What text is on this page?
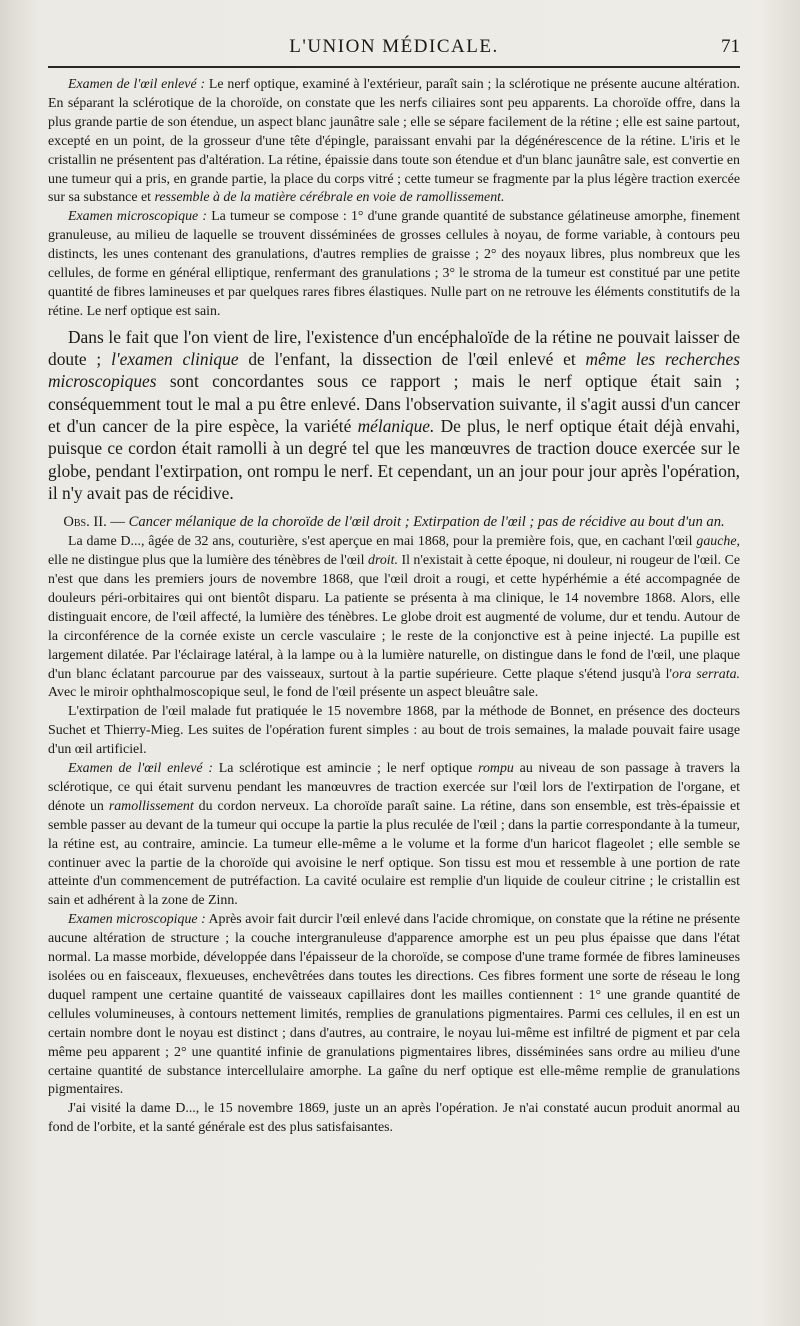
L'UNION MÉDICALE.	71

Examen de l'œil enlevé : Le nerf optique, examiné à l'extérieur, paraît sain ; la sclérotique ne présente aucune altération. En séparant la sclérotique de la choroïde, on constate que les nerfs ciliaires sont peu apparents. La choroïde offre, dans la plus grande partie de son étendue, un aspect blanc jaunâtre sale ; elle se sépare facilement de la rétine ; elle est saine partout, excepté en un point, de la grosseur d'une tête d'épingle, paraissant envahi par la dégénérescence de la rétine. L'iris et le cristallin ne présentent pas d'altération. La rétine, épaissie dans toute son étendue et d'un blanc jaunâtre sale, est convertie en une tumeur qui a pris, en grande partie, la place du corps vitré ; cette tumeur se fragmente par la plus légère traction exercée sur sa substance et ressemble à de la matière cérébrale en voie de ramollissement.

Examen microscopique : La tumeur se compose : 1° d'une grande quantité de substance gélatineuse amorphe, finement granuleuse, au milieu de laquelle se trouvent disséminées de grosses cellules à noyau, de forme variable, à contours peu distincts, les unes contenant des granulations, d'autres remplies de graisse ; 2° des noyaux libres, plus nombreux que les cellules, de forme en général elliptique, renfermant des granulations ; 3° le stroma de la tumeur est constitué par une petite quantité de fibres lamineuses et par quelques rares fibres élastiques. Nulle part on ne retrouve les éléments constitutifs de la rétine. Le nerf optique est sain.

Dans le fait que l'on vient de lire, l'existence d'un encéphaloïde de la rétine ne pouvait laisser de doute ; l'examen clinique de l'enfant, la dissection de l'œil enlevé et même les recherches microscopiques sont concordantes sous ce rapport ; mais le nerf optique était sain ; conséquemment tout le mal a pu être enlevé. Dans l'observation suivante, il s'agit aussi d'un cancer et d'un cancer de la pire espèce, la variété mélanique. De plus, le nerf optique était déjà envahi, puisque ce cordon était ramolli à un degré tel que les manœuvres de traction douce exercée sur le globe, pendant l'extirpation, ont rompu le nerf. Et cependant, un an jour pour jour après l'opération, il n'y avait pas de récidive.

Obs. II. — Cancer mélanique de la choroïde de l'œil droit ; Extirpation de l'œil ; pas de récidive au bout d'un an.

La dame D..., âgée de 32 ans, couturière, s'est aperçue en mai 1868, pour la première fois, que, en cachant l'œil gauche, elle ne distingue plus que la lumière des ténèbres de l'œil droit. Il n'existait à cette époque, ni douleur, ni rougeur de l'œil. Ce n'est que dans les premiers jours de novembre 1868, que l'œil droit a rougi, et cette hypérhémie a été accompagnée de douleurs péri-orbitaires qui ont bientôt disparu. La patiente se présenta à ma clinique, le 14 novembre 1868. Alors, elle distinguait encore, de l'œil affecté, la lumière des ténèbres. Le globe droit est augmenté de volume, dur et tendu. Autour de la circonférence de la cornée existe un cercle vasculaire ; le reste de la conjonctive est à peine injecté. La pupille est largement dilatée. Par l'éclairage latéral, à la lampe ou à la lumière naturelle, on distingue dans le fond de l'œil, une plaque d'un blanc éclatant parcourue par des vaisseaux, surtout à la partie supérieure. Cette plaque s'étend jusqu'à l'ora serrata. Avec le miroir ophthalmoscopique seul, le fond de l'œil présente un aspect bleuâtre sale.

L'extirpation de l'œil malade fut pratiquée le 15 novembre 1868, par la méthode de Bonnet, en présence des docteurs Suchet et Thierry-Mieg. Les suites de l'opération furent simples : au bout de trois semaines, la malade pouvait faire usage d'un œil artificiel.

Examen de l'œil enlevé : La sclérotique est amincie ; le nerf optique rompu au niveau de son passage à travers la sclérotique, ce qui était survenu pendant les manœuvres de traction exercée sur l'œil lors de l'extirpation de l'organe, et dénote un ramollissement du cordon nerveux. La choroïde paraît saine. La rétine, dans son ensemble, est très-épaissie et semble passer au devant de la tumeur qui occupe la partie la plus reculée de l'œil ; dans la partie correspondante à la tumeur, la rétine est, au contraire, amincie. La tumeur elle-même a le volume et la forme d'un haricot flageolet ; elle semble se continuer avec la partie de la choroïde qui avoisine le nerf optique. Son tissu est mou et ressemble à une portion de rate atteinte d'un commencement de putréfaction. La cavité oculaire est remplie d'un liquide de couleur citrine ; le cristallin est sain et adhérent à la zone de Zinn.

Examen microscopique : Après avoir fait durcir l'œil enlevé dans l'acide chromique, on constate que la rétine ne présente aucune altération de structure ; la couche intergranuleuse d'apparence amorphe est un peu plus épaisse que dans l'état normal. La masse morbide, développée dans l'épaisseur de la choroïde, se compose d'une trame formée de fibres lamineuses isolées ou en faisceaux, flexueuses, enchevêtrées dans toutes les directions. Ces fibres forment une sorte de réseau le long duquel rampent une certaine quantité de vaisseaux capillaires dont les mailles contiennent : 1° une grande quantité de cellules volumineuses, à contours nettement limités, remplies de granulations pigmentaires. Parmi ces cellules, il en est un certain nombre dont le noyau est distinct ; dans d'autres, au contraire, le noyau lui-même est infiltré de pigment et par cela même peu apparent ; 2° une quantité infinie de granulations pigmentaires libres, disséminées sans ordre au milieu d'une certaine quantité de substance intercellulaire amorphe. La gaîne du nerf optique est elle-même remplie de granulations pigmentaires.

J'ai visité la dame D..., le 15 novembre 1869, juste un an après l'opération. Je n'ai constaté aucun produit anormal au fond de l'orbite, et la santé générale est des plus satisfaisantes.
